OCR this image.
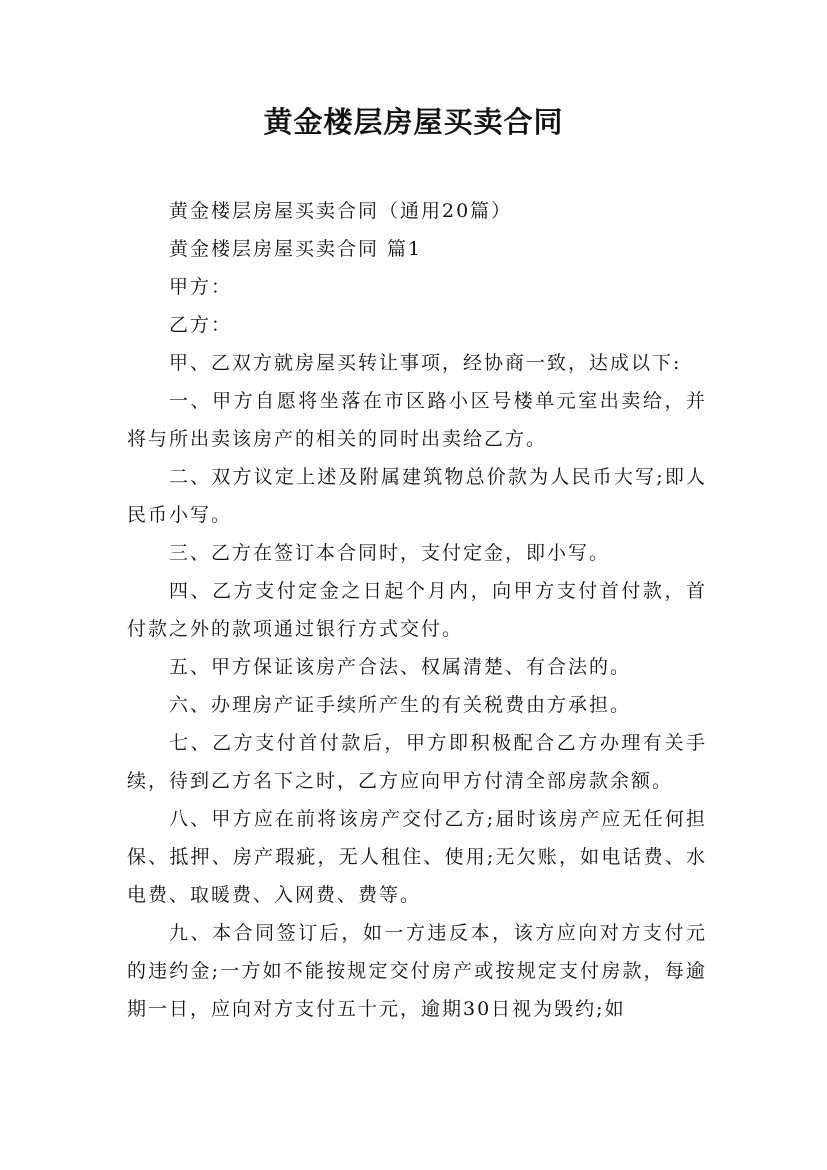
黄金楼层房屋买卖合同

黄金楼层房屋买卖合同（通用20篇）

黄金楼层房屋买卖合同 篇1

甲方：

乙方：

甲、乙双方就房屋买转让事项，经协商一致，达成以下:

一、甲方自愿将坐落在市区路小区号楼单元室出卖给，并将与所出卖该房产的相关的同时出卖给乙方。

二、双方议定上述及附属建筑物总价款为人民币大写;即人民币小写。

三、乙方在签订本合同时，支付定金，即小写。

四、乙方支付定金之日起个月内，向甲方支付首付款，首付款之外的款项通过银行方式交付。

五、甲方保证该房产合法、权属清楚、有合法的。

六、办理房产证手续所产生的有关税费由方承担。

七、乙方支付首付款后，甲方即积极配合乙方办理有关手续，待到乙方名下之时，乙方应向甲方付清全部房款余额。

八、甲方应在前将该房产交付乙方;届时该房产应无任何担保、抵押、房产瑕疵，无人租住、使用;无欠账，如电话费、水电费、取暖费、入网费、费等。

九、本合同签订后，如一方违反本，该方应向对方支付元的违约金;一方如不能按规定交付房产或按规定支付房款，每逾期一日，应向对方支付五十元，逾期30日视为毁约;如
